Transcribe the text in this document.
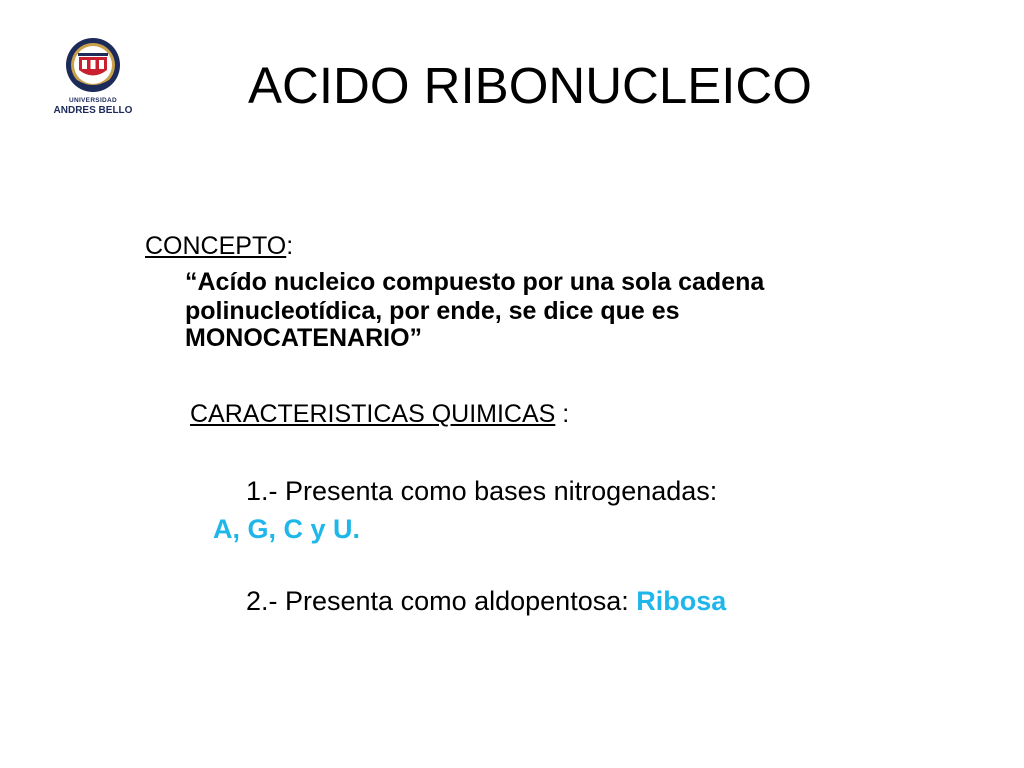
UNIVERSIDAD
ANDRES BELLO ACIDO RIBONUCLEICO
CONCEPTO:
“Acído nucleico compuesto por una sola cadena
polinucleotídica, por ende, se dice que es
MONOCATENARIO”
CARACTERISTICAS QUIMICAS :
1.- Presenta como bases nitrogenadas:
A, G, C y U.
2.- Presenta como aldopentosa: Ribosa
